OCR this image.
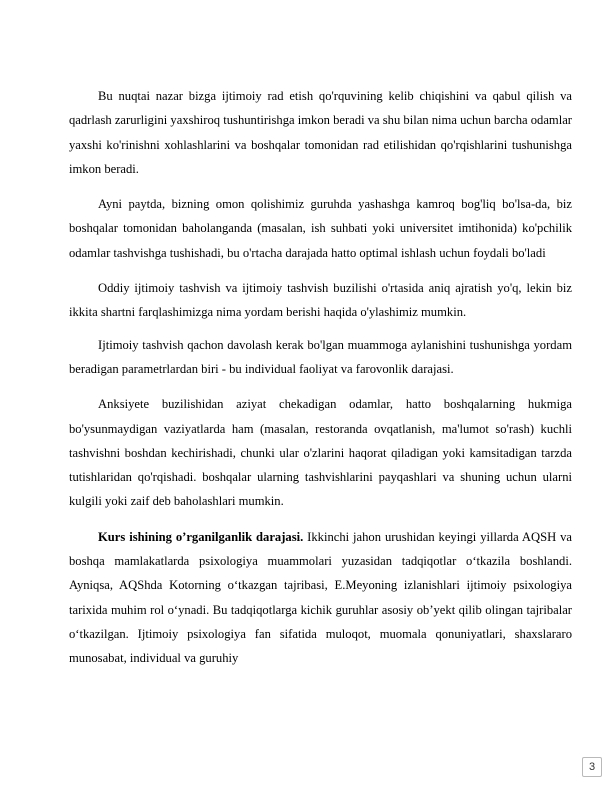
Bu nuqtai nazar bizga ijtimoiy rad etish qo'rquvining kelib chiqishini va qabul qilish va qadrlash zarurligini yaxshiroq tushuntirishga imkon beradi va shu bilan nima uchun barcha odamlar yaxshi ko'rinishni xohlashlarini va boshqalar tomonidan rad etilishidan qo'rqishlarini tushunishga imkon beradi.

Ayni paytda, bizning omon qolishimiz guruhda yashashga kamroq bog'liq bo'lsa-da, biz boshqalar tomonidan baholanganda (masalan, ish suhbati yoki universitet imtihonida) ko'pchilik odamlar tashvishga tushishadi, bu o'rtacha darajada hatto optimal ishlash uchun foydali bo'ladi

Oddiy ijtimoiy tashvish va ijtimoiy tashvish buzilishi o'rtasida aniq ajratish yo'q, lekin biz ikkita shartni farqlashimizga nima yordam berishi haqida o'ylashimiz mumkin.

Ijtimoiy tashvish qachon davolash kerak bo'lgan muammoga aylanishini tushunishga yordam beradigan parametrlardan biri - bu individual faoliyat va farovonlik darajasi.

Anksiyete buzilishidan aziyat chekadigan odamlar, hatto boshqalarning hukmiga bo'ysunmaydigan vaziyatlarda ham (masalan, restoranda ovqatlanish, ma'lumot so'rash) kuchli tashvishni boshdan kechirishadi, chunki ular o'zlarini haqorat qiladigan yoki kamsitadigan tarzda tutishlaridan qo'rqishadi. boshqalar ularning tashvishlarini payqashlari va shuning uchun ularni kulgili yoki zaif deb baholashlari mumkin.

Kurs ishining o’rganilganlik darajasi. Ikkinchi jahon urushidan keyingi yillarda AQSH va boshqa mamlakatlarda psixologiya muammolari yuzasidan tadqiqotlar o‘tkazila boshlandi. Ayniqsa, AQShda Kotorning o‘tkazgan tajribasi, E.Meyoning izlanishlari ijtimoiy psixologiya tarixida muhim rol o‘ynadi. Bu tadqiqotlarga kichik guruhlar asosiy ob’yekt qilib olingan tajribalar o‘tkazilgan. Ijtimoiy psixologiya fan sifatida muloqot, muomala qonuniyatlari, shaxslararo munosabat, individual va guruhiy

3
